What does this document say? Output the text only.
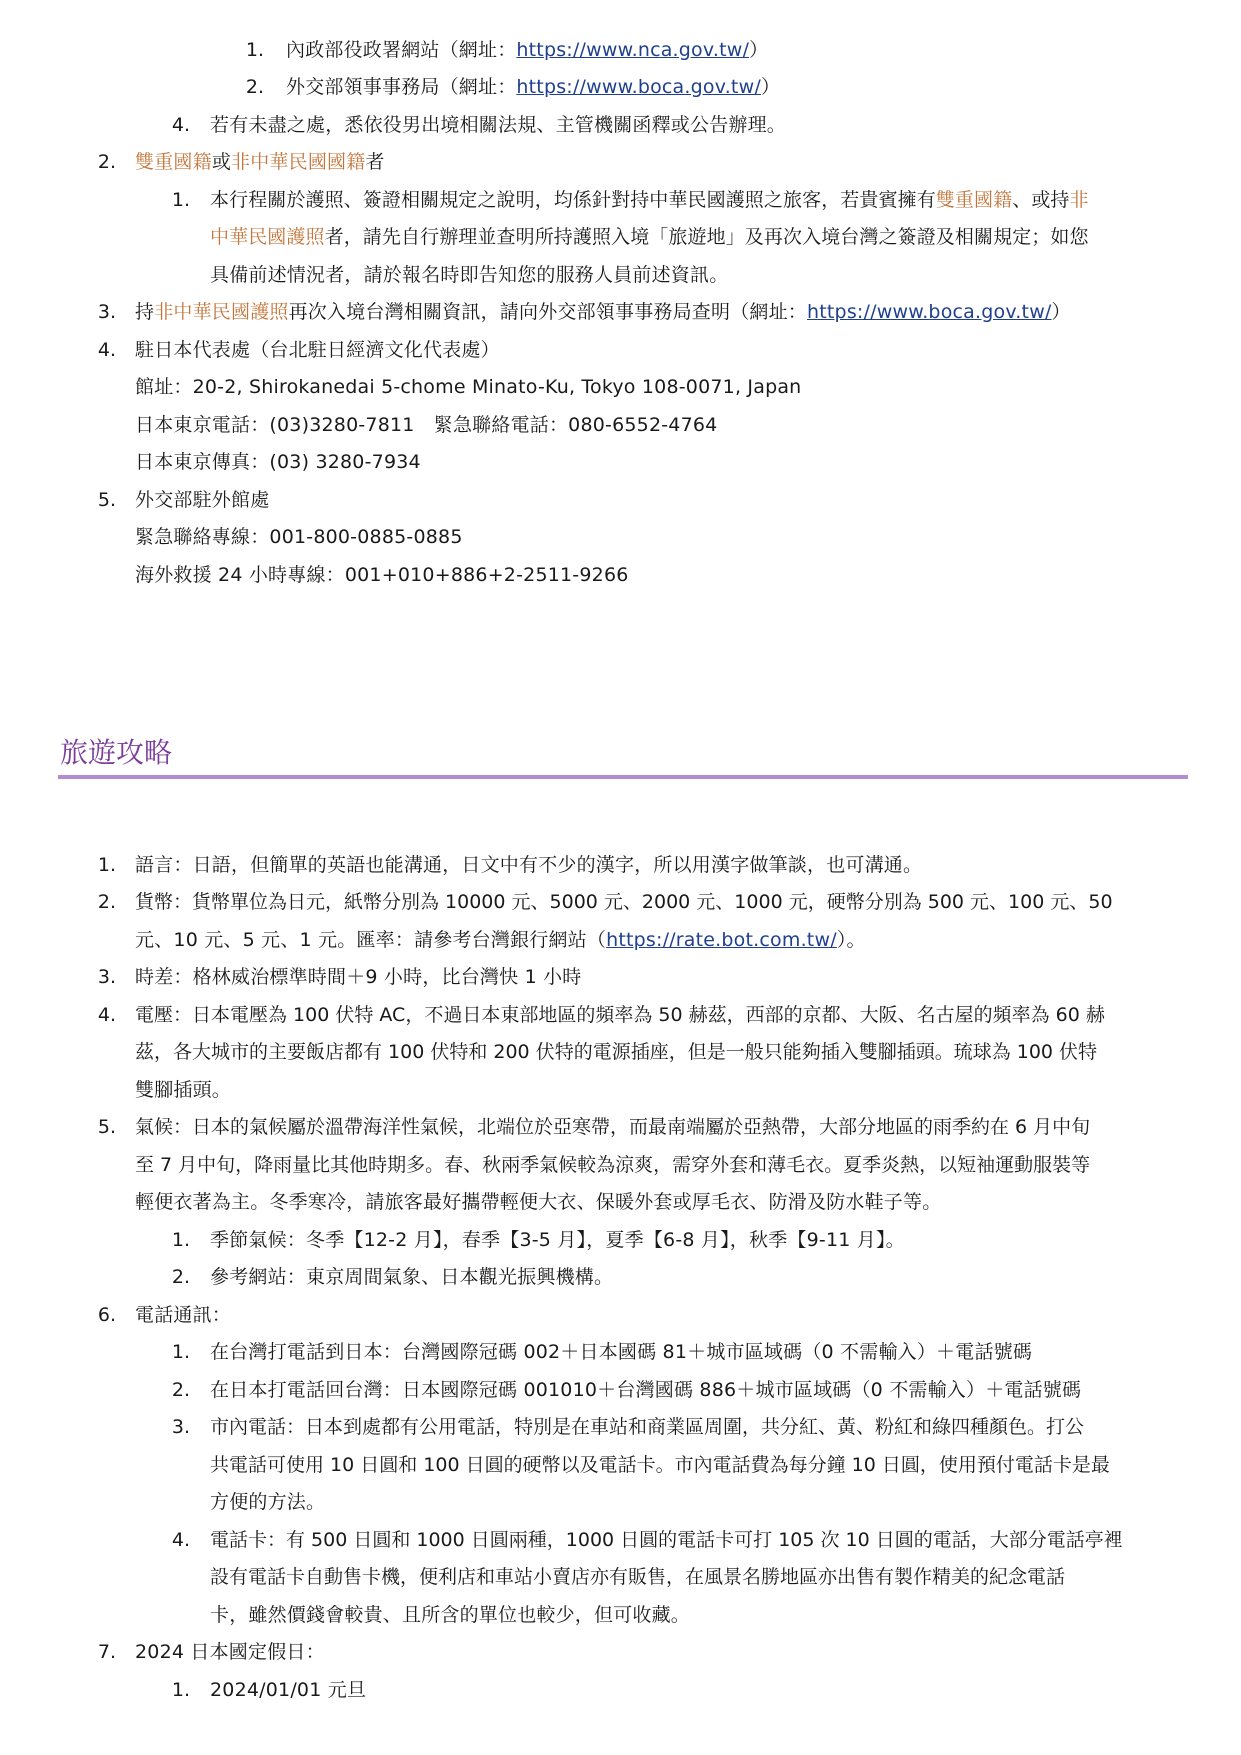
1. 內政部役政署網站（網址：https://www.nca.gov.tw/）
2. 外交部領事事務局（網址：https://www.boca.gov.tw/）
4. 若有未盡之處，悉依役男出境相關法規、主管機關函釋或公告辦理。
2. 雙重國籍或非中華民國國籍者
1. 本行程關於護照、簽證相關規定之說明，均係針對持中華民國護照之旅客，若貴賓擁有雙重國籍、或持非
中華民國護照者，請先自行辦理並查明所持護照入境「旅遊地」及再次入境台灣之簽證及相關規定；如您
具備前述情況者，請於報名時即告知您的服務人員前述資訊。
3. 持非中華民國護照再次入境台灣相關資訊，請向外交部領事事務局查明（網址：https://www.boca.gov.tw/）
4. 駐日本代表處（台北駐日經濟文化代表處）
館址：20-2, Shirokanedai 5-chome Minato-Ku, Tokyo 108-0071, Japan
日本東京電話：(03)3280-7811　緊急聯絡電話：080-6552-4764
日本東京傳真：(03) 3280-7934
5. 外交部駐外館處
緊急聯絡專線：001-800-0885-0885
海外救援 24 小時專線：001+010+886+2-2511-9266
旅遊攻略
1. 語言：日語，但簡單的英語也能溝通，日文中有不少的漢字，所以用漢字做筆談，也可溝通。
2. 貨幣：貨幣單位為日元，紙幣分別為 10000 元、5000 元、2000 元、1000 元，硬幣分別為 500 元、100 元、50
元、10 元、5 元、1 元。匯率：請參考台灣銀行網站（https://rate.bot.com.tw/）。
3. 時差：格林威治標準時間＋9 小時，比台灣快 1 小時
4. 電壓：日本電壓為 100 伏特 AC，不過日本東部地區的頻率為 50 赫茲，西部的京都、大阪、名古屋的頻率為 60 赫
茲，各大城市的主要飯店都有 100 伏特和 200 伏特的電源插座，但是一般只能夠插入雙腳插頭。琉球為 100 伏特
雙腳插頭。
5. 氣候：日本的氣候屬於溫帶海洋性氣候，北端位於亞寒帶，而最南端屬於亞熱帶，大部分地區的雨季約在 6 月中旬
至 7 月中旬，降雨量比其他時期多。春、秋兩季氣候較為涼爽，需穿外套和薄毛衣。夏季炎熱，以短袖運動服裝等
輕便衣著為主。冬季寒冷，請旅客最好攜帶輕便大衣、保暖外套或厚毛衣、防滑及防水鞋子等。
1. 季節氣候：冬季【12-2 月】，春季【3-5 月】，夏季【6-8 月】，秋季【9-11 月】。
2. 參考網站：東京周間氣象、日本觀光振興機構。
6. 電話通訊：
1. 在台灣打電話到日本：台灣國際冠碼 002＋日本國碼 81＋城市區域碼（0 不需輸入）＋電話號碼
2. 在日本打電話回台灣：日本國際冠碼 001010＋台灣國碼 886＋城市區域碼（0 不需輸入）＋電話號碼
3. 市內電話：日本到處都有公用電話，特別是在車站和商業區周圍，共分紅、黃、粉紅和綠四種顏色。打公
共電話可使用 10 日圓和 100 日圓的硬幣以及電話卡。市內電話費為每分鐘 10 日圓，使用預付電話卡是最
方便的方法。
4. 電話卡：有 500 日圓和 1000 日圓兩種，1000 日圓的電話卡可打 105 次 10 日圓的電話，大部分電話亭裡
設有電話卡自動售卡機，便利店和車站小賣店亦有販售，在風景名勝地區亦出售有製作精美的紀念電話
卡，雖然價錢會較貴、且所含的單位也較少，但可收藏。
7. 2024 日本國定假日：
1. 2024/01/01 元旦
